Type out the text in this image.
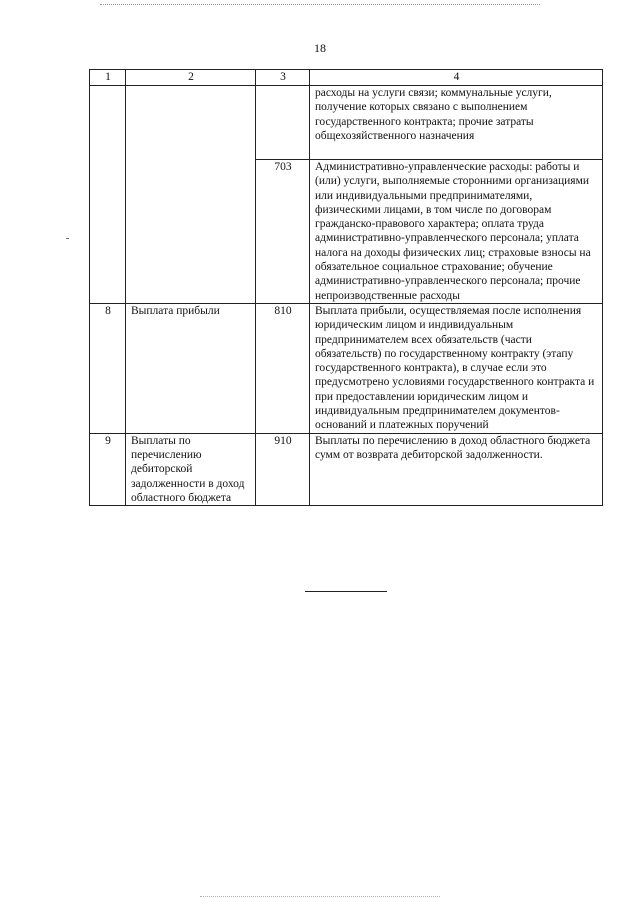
18
1	2	3	4
			расходы на услуги связи; коммунальные услуги, получение которых связано с выполнением государственного контракта; прочие затраты общехозяйственного назначения
		703	Административно-управленческие расходы: работы и (или) услуги, выполняемые сторонними организациями или индивидуальными предпринимателями, физическими лицами, в том числе по договорам гражданско-правового характера; оплата труда административно-управленческого персонала; уплата налога на доходы физических лиц; страховые взносы на обязательное социальное страхование; обучение административно-управленческого персонала; прочие непроизводственные расходы
8	Выплата прибыли	810	Выплата прибыли, осуществляемая после исполнения юридическим лицом и индивидуальным предпринимателем всех обязательств (части обязательств) по государственному контракту (этапу государственного контракта), в случае если это предусмотрено условиями государственного контракта и при предоставлении юридическим лицом и индивидуальным предпринимателем документов-оснований и платежных поручений
9	Выплаты по перечислению дебиторской задолженности в доход областного бюджета	910	Выплаты по перечислению в доход областного бюджета сумм от возврата дебиторской задолженности.
